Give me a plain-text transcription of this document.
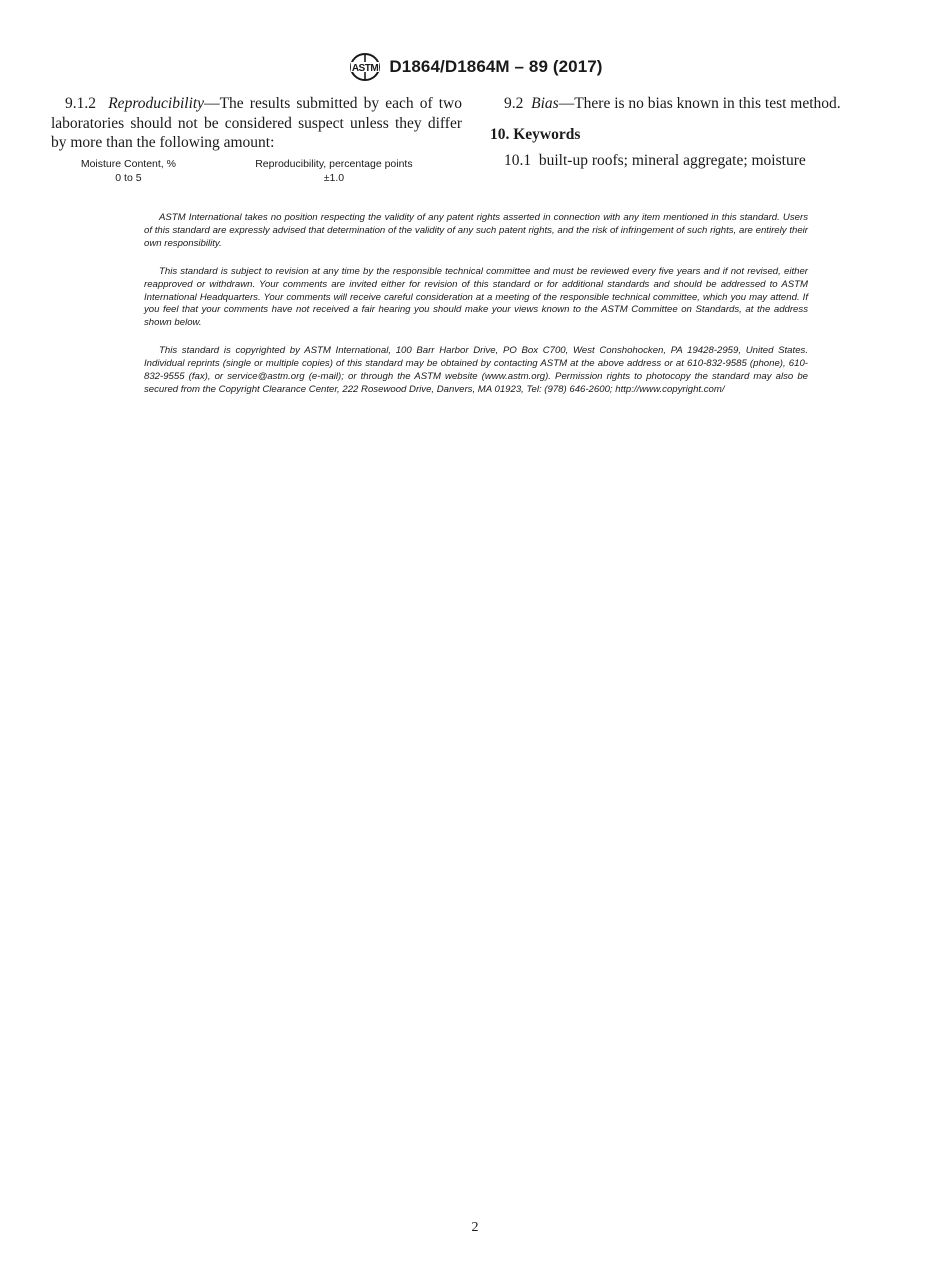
ASTM D1864/D1864M – 89 (2017)

9.1.2 Reproducibility—The results submitted by each of two laboratories should not be considered suspect unless they differ by more than the following amount:

Moisture Content, %	Reproducibility, percentage points
0 to 5	±1.0

9.2 Bias—There is no bias known in this test method.

10. Keywords

10.1 built-up roofs; mineral aggregate; moisture

ASTM International takes no position respecting the validity of any patent rights asserted in connection with any item mentioned in this standard. Users of this standard are expressly advised that determination of the validity of any such patent rights, and the risk of infringement of such rights, are entirely their own responsibility.

This standard is subject to revision at any time by the responsible technical committee and must be reviewed every five years and if not revised, either reapproved or withdrawn. Your comments are invited either for revision of this standard or for additional standards and should be addressed to ASTM International Headquarters. Your comments will receive careful consideration at a meeting of the responsible technical committee, which you may attend. If you feel that your comments have not received a fair hearing you should make your views known to the ASTM Committee on Standards, at the address shown below.

This standard is copyrighted by ASTM International, 100 Barr Harbor Drive, PO Box C700, West Conshohocken, PA 19428-2959, United States. Individual reprints (single or multiple copies) of this standard may be obtained by contacting ASTM at the above address or at 610-832-9585 (phone), 610-832-9555 (fax), or service@astm.org (e-mail); or through the ASTM website (www.astm.org). Permission rights to photocopy the standard may also be secured from the Copyright Clearance Center, 222 Rosewood Drive, Danvers, MA 01923, Tel: (978) 646-2600; http://www.copyright.com/

2
